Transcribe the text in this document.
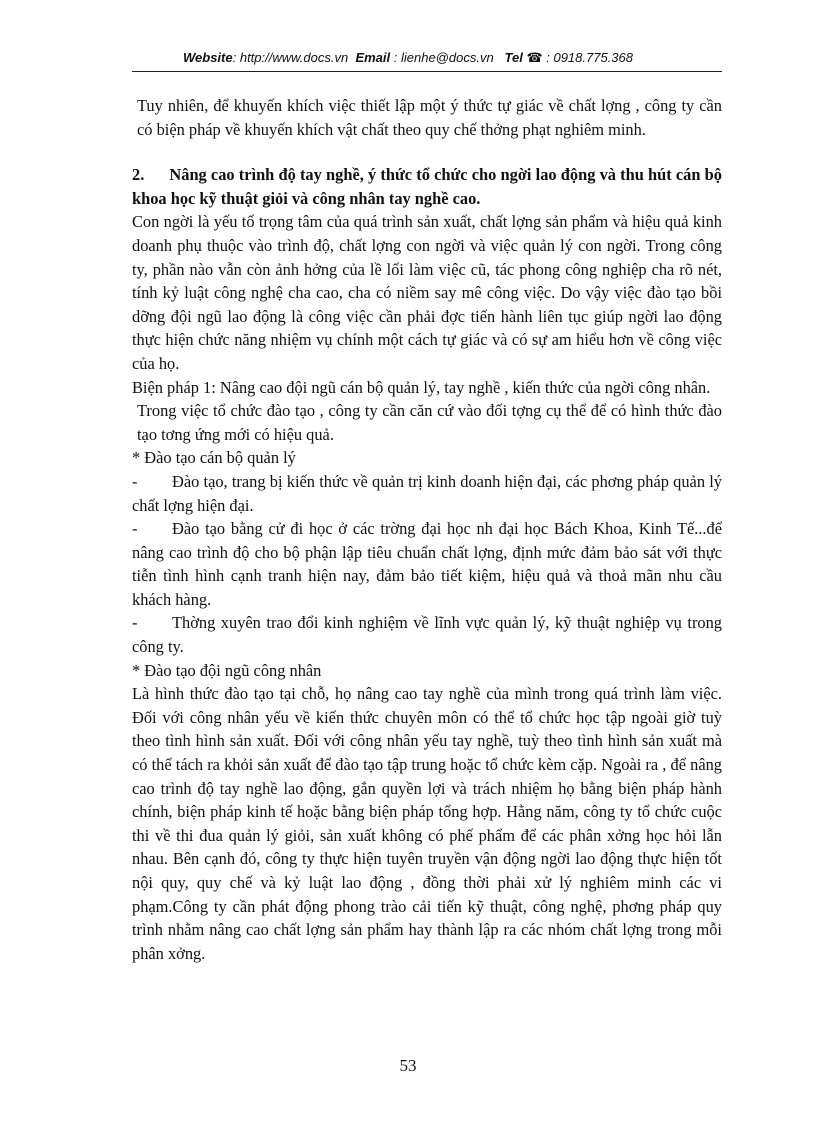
Website: http://www.docs.vn Email : lienhe@docs.vn Tel ☎ : 0918.775.368

Tuy nhiên, để khuyến khích việc thiết lập một ý thức tự giác về chất lợng , công ty cần có biện pháp về khuyến khích vật chất theo quy chế thởng phạt nghiêm minh.

2. Nâng cao trình độ tay nghề, ý thức tổ chức cho ngời lao động và thu hút cán bộ khoa học kỹ thuật giỏi và công nhân tay nghề cao.

Con ngời là yếu tố trọng tâm của quá trình sản xuất, chất lợng sản phẩm và hiệu quả kinh doanh phụ thuộc vào trình độ, chất lợng con ngời và việc quản lý con ngời. Trong công ty, phần nào vẫn còn ảnh hởng của lề lối làm việc cũ, tác phong công nghiệp cha rõ nét, tính kỷ luật công nghệ cha cao, cha có niềm say mê công việc. Do vậy việc đào tạo bồi dỡng đội ngũ lao động là công việc cần phải đợc tiến hành liên tục giúp ngời lao động thực hiện chức năng nhiệm vụ chính một cách tự giác và có sự am hiểu hơn về công việc của họ.

Biện pháp 1: Nâng cao đội ngũ cán bộ quản lý, tay nghề , kiến thức của ngời công nhân.

Trong việc tổ chức đào tạo , công ty cần căn cứ vào đối tợng cụ thể để có hình thức đào tạo tơng ứng mới có hiệu quả.

* Đào tạo cán bộ quản lý

- Đào tạo, trang bị kiến thức về quản trị kinh doanh hiện đại, các phơng pháp quản lý chất lợng hiện đại.

- Đào tạo bằng cử đi học ở các trờng đại học nh đại học Bách Khoa, Kinh Tế...để nâng cao trình độ cho bộ phận lập tiêu chuẩn chất lợng, định mức đảm bảo sát với thực tiễn tình hình cạnh tranh hiện nay, đảm bảo tiết kiệm, hiệu quả và thoả mãn nhu cầu khách hàng.

- Thờng xuyên trao đổi kinh nghiệm về lĩnh vực quản lý, kỹ thuật nghiệp vụ trong công ty.

* Đào tạo đội ngũ công nhân

Là hình thức đào tạo tại chỗ, họ nâng cao tay nghề của mình trong quá trình làm việc. Đối với công nhân yếu về kiến thức chuyên môn có thể tổ chức học tập ngoài giờ tuỳ theo tình hình sản xuất. Đối với công nhân yếu tay nghề, tuỳ theo tình hình sản xuất mà có thể tách ra khỏi sản xuất để đào tạo tập trung hoặc tổ chức kèm cặp. Ngoài ra , để nâng cao trình độ tay nghề lao động, gắn quyền lợi và trách nhiệm họ bằng biện pháp hành chính, biện pháp kinh tế hoặc bằng biện pháp tổng hợp. Hằng năm, công ty tổ chức cuộc thi về thi đua quản lý giỏi, sản xuất không có phế phẩm để các phân xởng học hỏi lẫn nhau. Bên cạnh đó, công ty thực hiện tuyên truyền vận động ngời lao động thực hiện tốt nội quy, quy chế và kỷ luật lao động , đồng thời phải xử lý nghiêm minh các vi phạm.Công ty cần phát động phong trào cải tiến kỹ thuật, công nghệ, phơng pháp quy trình nhằm nâng cao chất lợng sản phẩm hay thành lập ra các nhóm chất lợng trong mỗi phân xởng.

53
